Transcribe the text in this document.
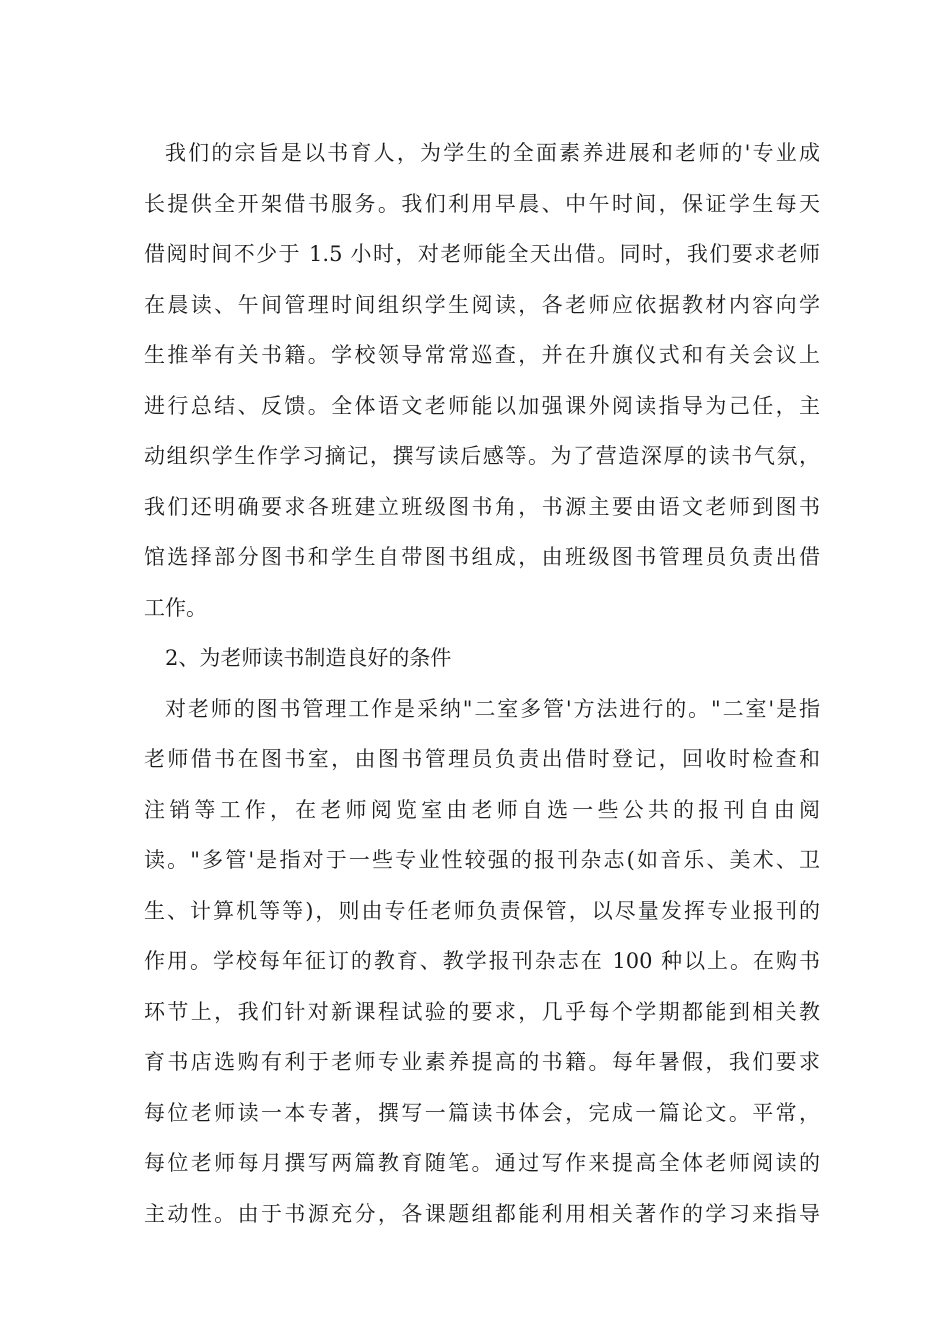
我们的宗旨是以书育人，为学生的全面素养进展和老师的'专业成
长提供全开架借书服务。我们利用早晨、中午时间，保证学生每天
借阅时间不少于 1.5 小时，对老师能全天出借。同时，我们要求老师
在晨读、午间管理时间组织学生阅读，各老师应依据教材内容向学
生推举有关书籍。学校领导常常巡查，并在升旗仪式和有关会议上
进行总结、反馈。全体语文老师能以加强课外阅读指导为己任，主
动组织学生作学习摘记，撰写读后感等。为了营造深厚的读书气氛，
我们还明确要求各班建立班级图书角，书源主要由语文老师到图书
馆选择部分图书和学生自带图书组成，由班级图书管理员负责出借
工作。
2、为老师读书制造良好的条件
对老师的图书管理工作是采纳"二室多管'方法进行的。"二室'是指
老师借书在图书室，由图书管理员负责出借时登记，回收时检查和
注销等工作，在老师阅览室由老师自选一些公共的报刊自由阅
读。"多管'是指对于一些专业性较强的报刊杂志(如音乐、美术、卫
生、计算机等等)，则由专任老师负责保管，以尽量发挥专业报刊的
作用。学校每年征订的教育、教学报刊杂志在 100 种以上。在购书
环节上，我们针对新课程试验的要求，几乎每个学期都能到相关教
育书店选购有利于老师专业素养提高的书籍。每年暑假，我们要求
每位老师读一本专著，撰写一篇读书体会，完成一篇论文。平常，
每位老师每月撰写两篇教育随笔。通过写作来提高全体老师阅读的
主动性。由于书源充分，各课题组都能利用相关著作的学习来指导
